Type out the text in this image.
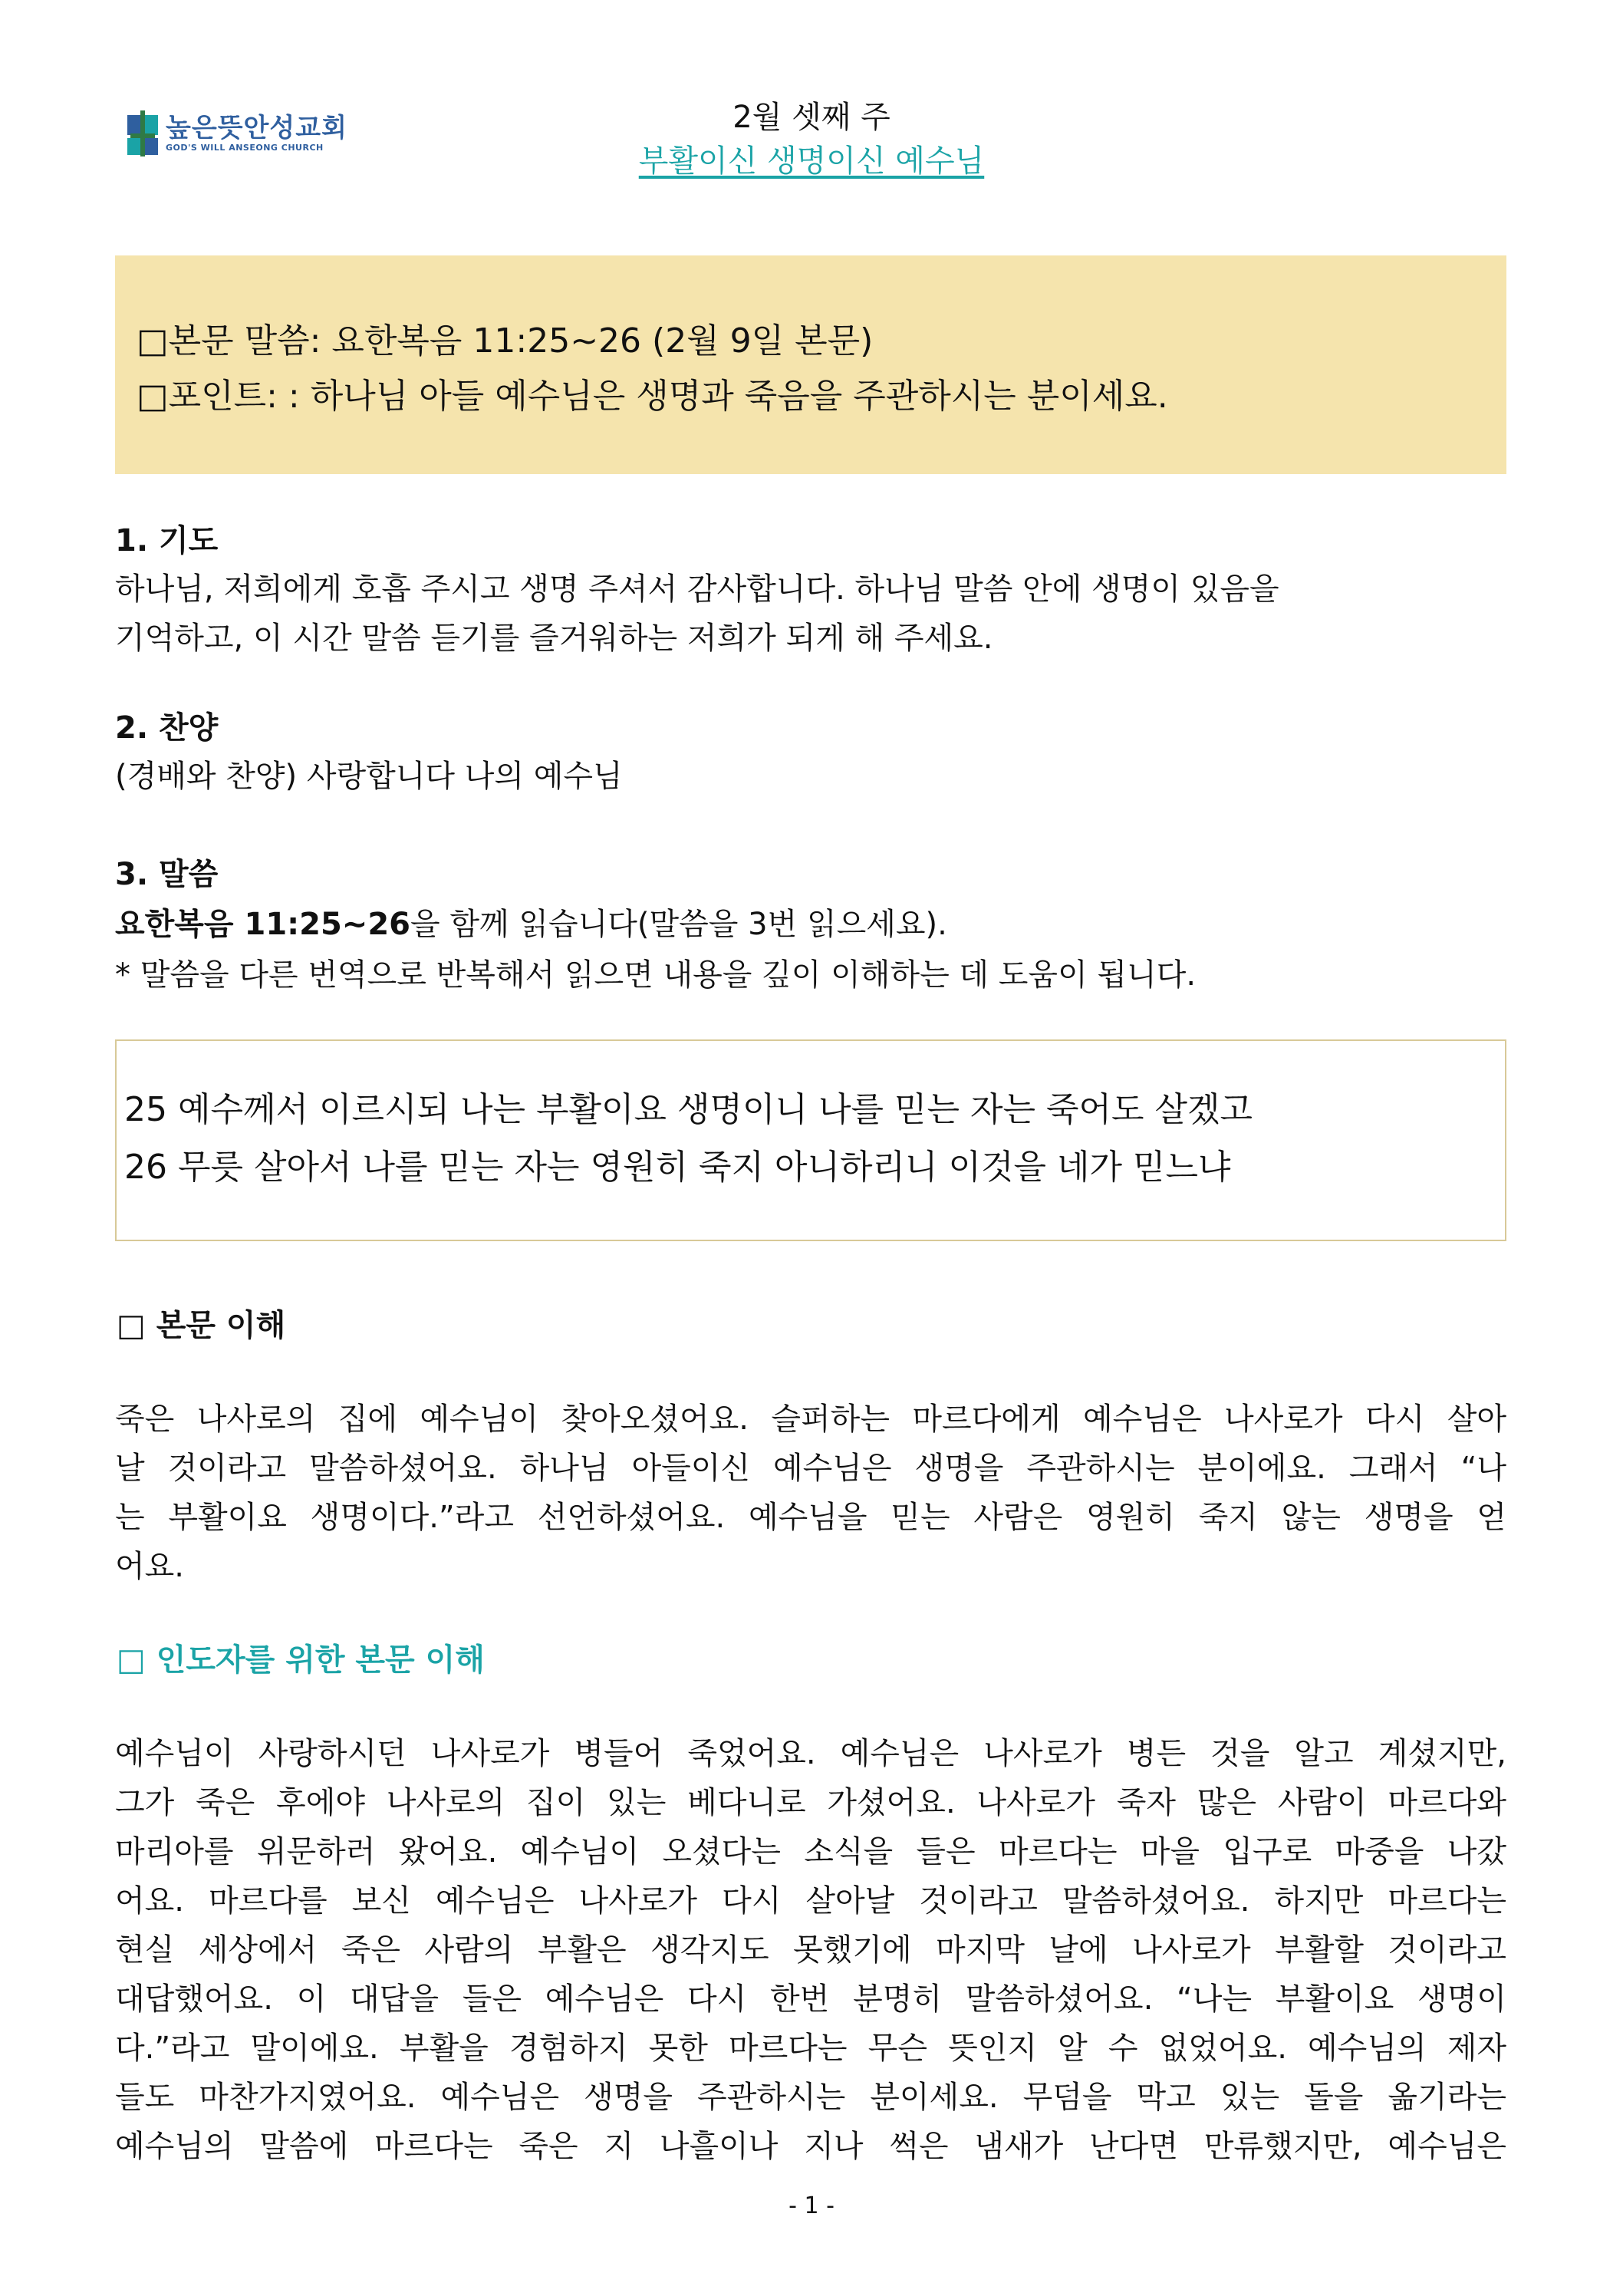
높은뜻안성교회
GOD'S WILL ANSEONG CHURCH
2월 셋째 주
부활이신 생명이신 예수님
□본문 말씀: 요한복음 11:25~26 (2월 9일 본문)
□포인트: : 하나님 아들 예수님은 생명과 죽음을 주관하시는 분이세요.
1. 기도
하나님, 저희에게 호흡 주시고 생명 주셔서 감사합니다. 하나님 말씀 안에 생명이 있음을
기억하고, 이 시간 말씀 듣기를 즐거워하는 저희가 되게 해 주세요.
2. 찬양
(경배와 찬양) 사랑합니다 나의 예수님
3. 말씀
요한복음 11:25~26을 함께 읽습니다(말씀을 3번 읽으세요).
* 말씀을 다른 번역으로 반복해서 읽으면 내용을 깊이 이해하는 데 도움이 됩니다.
25 예수께서 이르시되 나는 부활이요 생명이니 나를 믿는 자는 죽어도 살겠고
26 무릇 살아서 나를 믿는 자는 영원히 죽지 아니하리니 이것을 네가 믿느냐
□ 본문 이해
죽은 나사로의 집에 예수님이 찾아오셨어요. 슬퍼하는 마르다에게 예수님은 나사로가 다시 살아
날 것이라고 말씀하셨어요. 하나님 아들이신 예수님은 생명을 주관하시는 분이에요. 그래서 “나
는 부활이요 생명이다.”라고 선언하셨어요. 예수님을 믿는 사람은 영원히 죽지 않는 생명을 얻
어요.
□ 인도자를 위한 본문 이해
예수님이 사랑하시던 나사로가 병들어 죽었어요. 예수님은 나사로가 병든 것을 알고 계셨지만,
그가 죽은 후에야 나사로의 집이 있는 베다니로 가셨어요. 나사로가 죽자 많은 사람이 마르다와
마리아를 위문하러 왔어요. 예수님이 오셨다는 소식을 들은 마르다는 마을 입구로 마중을 나갔
어요. 마르다를 보신 예수님은 나사로가 다시 살아날 것이라고 말씀하셨어요. 하지만 마르다는
현실 세상에서 죽은 사람의 부활은 생각지도 못했기에 마지막 날에 나사로가 부활할 것이라고
대답했어요. 이 대답을 들은 예수님은 다시 한번 분명히 말씀하셨어요. “나는 부활이요 생명이
다.”라고 말이에요. 부활을 경험하지 못한 마르다는 무슨 뜻인지 알 수 없었어요. 예수님의 제자
들도 마찬가지였어요. 예수님은 생명을 주관하시는 분이세요. 무덤을 막고 있는 돌을 옮기라는
예수님의 말씀에 마르다는 죽은 지 나흘이나 지나 썩은 냄새가 난다면 만류했지만, 예수님은
- 1 -
